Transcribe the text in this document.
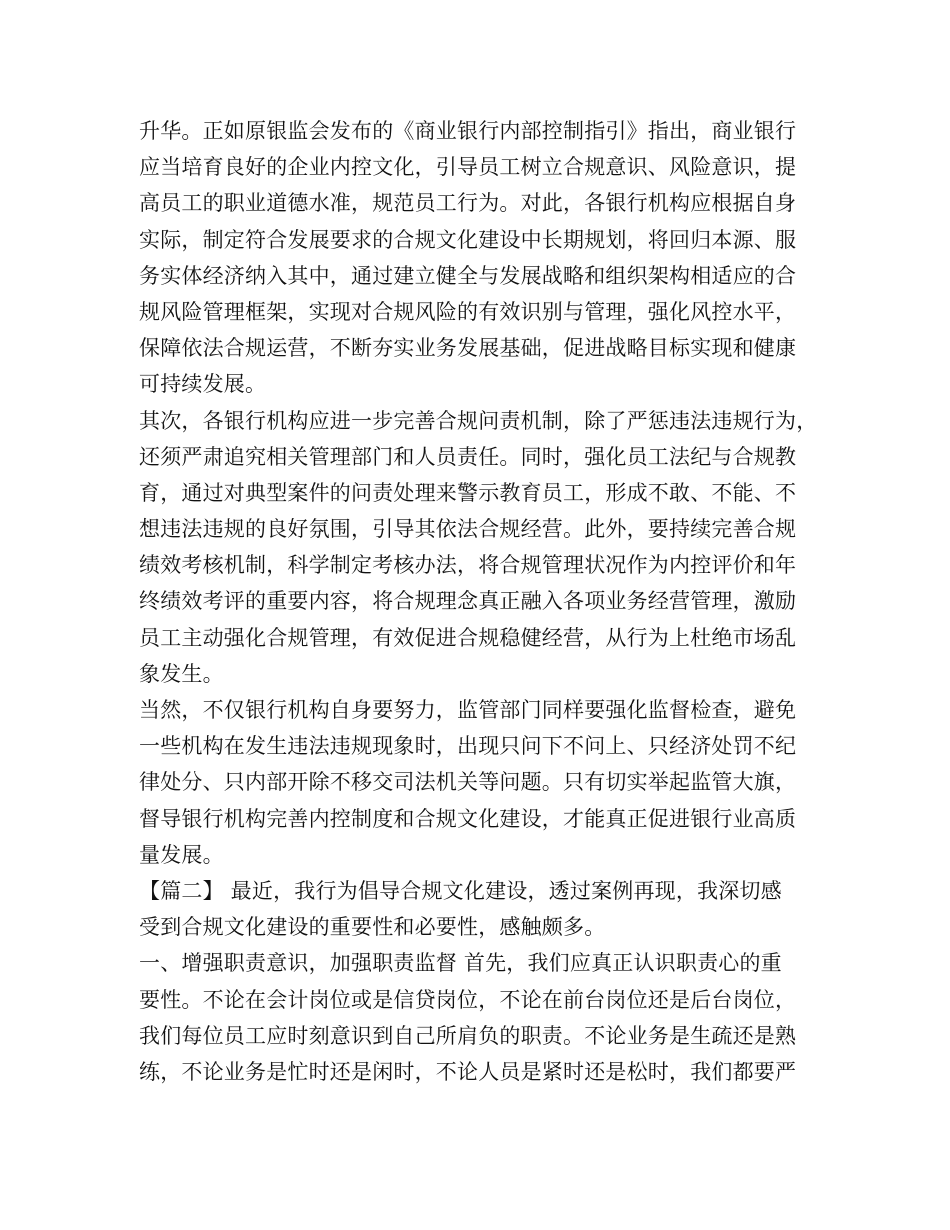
升华。正如原银监会发布的《商业银行内部控制指引》指出，商业银行
应当培育良好的企业内控文化，引导员工树立合规意识、风险意识，提
高员工的职业道德水准，规范员工行为。对此，各银行机构应根据自身
实际，制定符合发展要求的合规文化建设中长期规划，将回归本源、服
务实体经济纳入其中，通过建立健全与发展战略和组织架构相适应的合
规风险管理框架，实现对合规风险的有效识别与管理，强化风控水平，
保障依法合规运营，不断夯实业务发展基础，促进战略目标实现和健康
可持续发展。
其次，各银行机构应进一步完善合规问责机制，除了严惩违法违规行为，
还须严肃追究相关管理部门和人员责任。同时，强化员工法纪与合规教
育，通过对典型案件的问责处理来警示教育员工，形成不敢、不能、不
想违法违规的良好氛围，引导其依法合规经营。此外，要持续完善合规
绩效考核机制，科学制定考核办法，将合规管理状况作为内控评价和年
终绩效考评的重要内容，将合规理念真正融入各项业务经营管理，激励
员工主动强化合规管理，有效促进合规稳健经营，从行为上杜绝市场乱
象发生。
当然，不仅银行机构自身要努力，监管部门同样要强化监督检查，避免
一些机构在发生违法违规现象时，出现只问下不问上、只经济处罚不纪
律处分、只内部开除不移交司法机关等问题。只有切实举起监管大旗，
督导银行机构完善内控制度和合规文化建设，才能真正促进银行业高质
量发展。
【篇二】 最近，我行为倡导合规文化建设，透过案例再现，我深切感
受到合规文化建设的重要性和必要性，感触颇多。
一、增强职责意识，加强职责监督 首先，我们应真正认识职责心的重
要性。不论在会计岗位或是信贷岗位，不论在前台岗位还是后台岗位，
我们每位员工应时刻意识到自己所肩负的职责。不论业务是生疏还是熟
练，不论业务是忙时还是闲时，不论人员是紧时还是松时，我们都要严
